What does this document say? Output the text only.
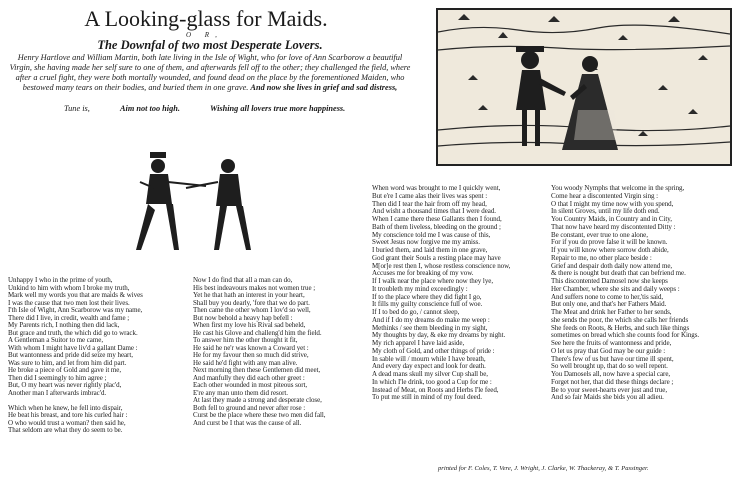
A Looking-glass for Maids.
O R,
The Downfal of two most Desperate Lovers.
Henry Hartlove and William Martin, both late living in the Isle of Wight, who for love of Ann Scarborow a beautiful Virgin, she having made her self sure to one of them, and afterwards fell off to the other; they challenged the field, where after a cruel fight, they were both mortally wounded, and found dead on the place by the forementioned Maiden, who bestowed many tears on their bodies, and buried them in one grave. And now she lives in grief and sad distress,
Tune is,	Aim not too high.	Wishing all lovers true more happiness.
Unhappy I who in the prime of youth,
Unkind to him with whom I broke my truth,
Mark well my words you that are maids & wives
I was the cause that two men lost their lives.
I'th Isle of Wight, Ann Scarborow was my name,
There did I live, in credit, wealth and fame ;
My Parents rich, I nothing then did lack,
But grace and truth, the which did go to wrack.
A Gentleman a Suitor to me came,
With whom I might have liv'd a gallant Dame :
But wantonness and pride did seize my heart,
Was sure to him, and let from him did part.
He broke a piece of Gold and gave it me,
Then did I seemingly to him agree ;
But, O my heart was never rightly plac'd,
Another man I afterwards imbrac'd.

Which when he knew, he fell into dispair,
He beat his breast, and tore his curled hair :
O who would trust a woman? then said he,
That seldom are what they do seem to be.
Now I do find that all a man can do,
His best indeavours makes not women true ;
Yet he that hath an interest in your heart,
Shall buy you dearly, 'fore that we do part.
Then came the other whom I lov'd so well,
But now behold a heavy hap befell :
When first my love his Rival sad beheld,
He cast his Glove and challeng'd him the field.
To answer him the other thought it fit,
He said he ne'r was known a Coward yet :
He for my favour then so much did strive,
He said he'd fight with any man alive.
Next morning then these Gentlemen did meet,
And manfully they did each other greet :
Each other wounded in most piteous sort,
E're any man unto them did resort.
At last they made a strong and desperate close,
Both fell to ground and never after rose :
Curst be the place where these two men did fall,
And curst be I that was the cause of all.
When word was brought to me I quickly went,
But e're I came alas their lives was spent :
Then did I tear the hair from off my head,
And wisht a thousand times that I were dead.
When I came there these Gallants then I found,
Bath of them liveless, bleeding on the ground ;
My conscience told me I was cause of this,
Sweet Jesus now forgive me my amiss.
I buried them, and laid them in one grave,
God grant their Souls a resting place may have
M[or]e rest then I, whose restless conscience now,
Accuses me for breaking of my vow.
If I walk near the place where now they lye,
It troubleth my mind exceedingly :
If to the place where they did fight I go,
It fills my guilty conscience full of woe.
If I to bed do go, / cannot sleep,
And if I do my dreams do make me weep :
Methinks / see them bleeding in my sight,
My thoughts by day, & eke my dreams by night.
My rich apparel I have laid aside,
My cloth of Gold, and other things of pride :
In sable will / mourn while I have breath,
And every day expect and look for death.
A dead mans skull my silver Cup shall be,
In which I'le drink, too good a Cup for me :
Instead of Meat, on Roots and Herbs I'le feed,
To put me still in mind of my foul deed.
You woody Nymphs that welcome in the spring,
Come hear a discontented Virgin sing :
O that I might my time now with you spend,
In silent Groves, until my life doth end.
You Country Maids, in Country and in City,
That now have heard my discontented Ditty :
Be constant, ever true to one alone,
For if you do prove false it will be known.
If you will know where sorrow doth abide,
Repair to me, no other place beside :
Grief and despair doth daily now attend me,
& there is nought but death that can befriend me.
This discontented Damosel now she keeps
Her Chamber, where she sits and daily weeps :
And suffers none to come to her,'tis said,
But only one, and that's her Fathers Maid.
The Meat and drink her Father to her sends,
she sends the poor, the which she calls her friends
She feeds on Roots, & Herbs, and such like things
sometimes on bread which she counts food for Kings.
See here the fruits of wantonness and pride,
O let us pray that God may be our guide :
There's few of us but have our time ill spent,
So well brought up, that do so well repent.
You Damosels all, now have a special care,
Forget not her, that did these things declare ;
Be to your sweet-hearts ever just and true,
And so fair Maids she bids you all adieu.
printed for F. Coles, T. Vere, J. Wright, J. Clarke, W. Thackeray, & T. Passinger.
